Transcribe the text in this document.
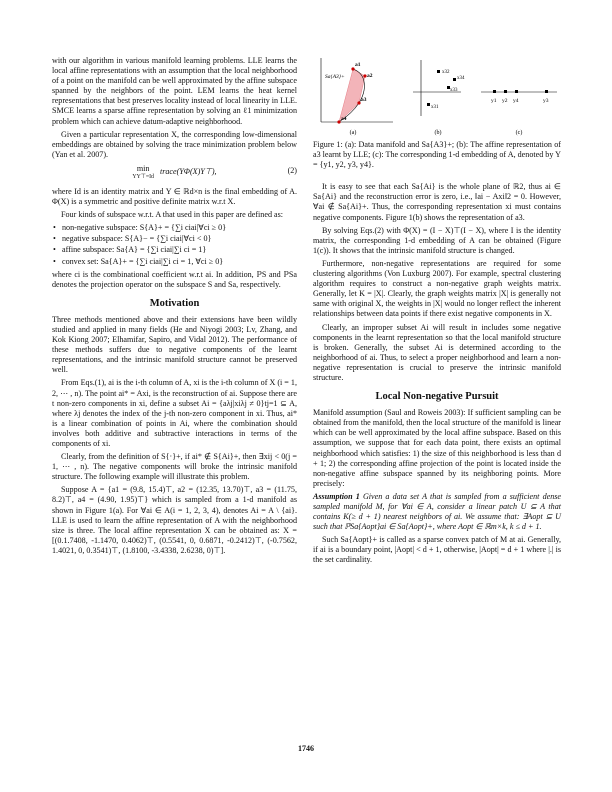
with our algorithm in various manifold learning problems. LLE learns the local affine representations with an assumption that the local neighborhood of a point on the manifold can be well approximated by the affine subspace spanned by the neighbors of the point. LEM learns the heat kernel representations that best preserves locality instead of local linearity in LLE. SMCE learns a sparse affine representation by solving an ℓ1 minimization problem which can achieve datum-adaptive neighborhood.

Given a particular representation X, the corresponding low-dimensional embeddings are obtained by solving the trace minimization problem below (Yan et al. 2007).

min
YY⊤=Id
trace(YΦ(X)Y⊤),	(2)

where Id is an identity matrix and Y ∈ ℝd×n is the final embedding of A. Φ(X) is a symmetric and positive definite matrix w.r.t X.

Four kinds of subspace w.r.t. A that used in this paper are defined as:

• non-negative subspace: S{A}+ = {∑i ciai|∀ci ≥ 0}
• negative subspace: S{A}− = {∑i ciai|∀ci < 0}
• affine subspace: Sa{A} = {∑i ciai|∑i ci = 1}
• convex set: Sa{A}+ = {∑i ciai|∑i ci = 1, ∀ci ≥ 0}

where ci is the combinational coefficient w.r.t ai. In addition, ℙS and ℙSa denotes the projection operator on the subspace S and Sa, respectively.

Motivation

Three methods mentioned above and their extensions have been wildly studied and applied in many fields (He and Niyogi 2003; Lv, Zhang, and Kok Kiong 2007; Elhamifar, Sapiro, and Vidal 2012). The performance of these methods suffers due to negative components of the learnt representations, and the intrinsic manifold structure cannot be preserved well.

From Eqs.(1), ai is the i-th column of A, xi is the i-th column of X (i = 1, 2, ⋯ , n). The point ai* = Axi, is the reconstruction of ai. Suppose there are t non-zero components in xi, define a subset Ai = {aλj|xiλj ≠ 0}tj=1 ⊆ A, where λj denotes the index of the j-th non-zero component in xi. Thus, ai* is a linear combination of points in Ai, where the combination should involves both additive and subtractive interactions in terms of the components of xi.

Clearly, from the definition of S{·}+, if ai* ∉ S{Ai}+, then ∃xij < 0(j = 1, ⋯ , n). The negative components will broke the intrinsic manifold structure. The following example will illustrate this problem.

Suppose A = {a1 = (9.8, 15.4)⊤, a2 = (12.35, 13.70)⊤, a3 = (11.75, 8.2)⊤, a4 = (4.90, 1.95)⊤} which is sampled from a 1-d manifold as shown in Figure 1(a). For ∀ai ∈ A(i = 1, 2, 3, 4), denotes Ai = A \ {ai}. LLE is used to learn the affine representation of A with the neighborhood size is three. The local affine representation X can be obtained as: X = [(0.1.7408, -1.1470, 0.4062)⊤, (0.5541, 0, 0.6871, -0.2412)⊤, (-0.7562, 1.4021, 0, 0.3541)⊤, (1.8100, -3.4338, 2.6238, 0)⊤].

Sa{A3}+
a1
a2
a3
a4
(a)
x32
x33
x34
x31
(b)
y1 y2 y4	y3
(c)
Figure 1: (a): Data manifold and Sa{A3}+; (b): The affine representation of a3 learnt by LLE; (c): The corresponding 1-d embedding of A, denoted by Y = {y1, y2, y3, y4}.

It is easy to see that each Sa{Ai} is the whole plane of ℝ2, thus ai ∈ Sa{Ai} and the reconstruction error is zero, i.e., ‖ai − Axi‖2 = 0. However, ∀ai ∉ Sa{Ai}+. Thus, the corresponding representation xi must contains negative components. Figure 1(b) shows the representation of a3.

By solving Eqs.(2) with Φ(X) = (I − X)⊤(I − X), where I is the identity matrix, the corresponding 1-d embedding of A can be obtained (Figure 1(c)). It shows that the intrinsic manifold structure is changed.

Furthermore, non-negative representations are required for some clustering algorithms (Von Luxburg 2007). For example, spectral clustering algorithm requires to construct a non-negative graph weights matrix. Generally, let K = |X|. Clearly, the graph weights matrix |X| is generally not same with original X, the weights in |X| would no longer reflect the inherent relationships between data points if there exist negative components in X.

Clearly, an improper subset Ai will result in includes some negative components in the learnt representation so that the local manifold structure is broken. Generally, the subset Ai is determined according to the neighborhood of ai. Thus, to select a proper neighborhood and learn a non-negative representation is crucial to preserve the intrinsic manifold structure.

Local Non-negative Pursuit

Manifold assumption (Saul and Roweis 2003): If sufficient sampling can be obtained from the manifold, then the local structure of the manifold is linear which can be well approximated by the local affine subspace. Based on this assumption, we suppose that for each data point, there exists an optimal neighborhood which satisfies: 1) the size of this neighborhood is less than d + 1; 2) the corresponding affine projection of the point is located inside the non-negative affine subspace spanned by its neighboring points. More precisely:

Assumption 1 Given a data set A that is sampled from a sufficient dense sampled manifold M, for ∀ai ∈ A, consider a linear patch U ⊆ A that contains K(≥ d + 1) nearest neighbors of ai. We assume that: ∃Aopt ⊆ U such that ℙSa{Aopt}ai ∈ Sa{Aopt}+, where Aopt ∈ ℝm×k, k ≤ d + 1.

Such Sa{Aopt}+ is called as a sparse convex patch of M at ai. Generally, if ai is a boundary point, |Aopt| < d + 1, otherwise, |Aopt| = d + 1 where |.| is the set cardinality.

1746
